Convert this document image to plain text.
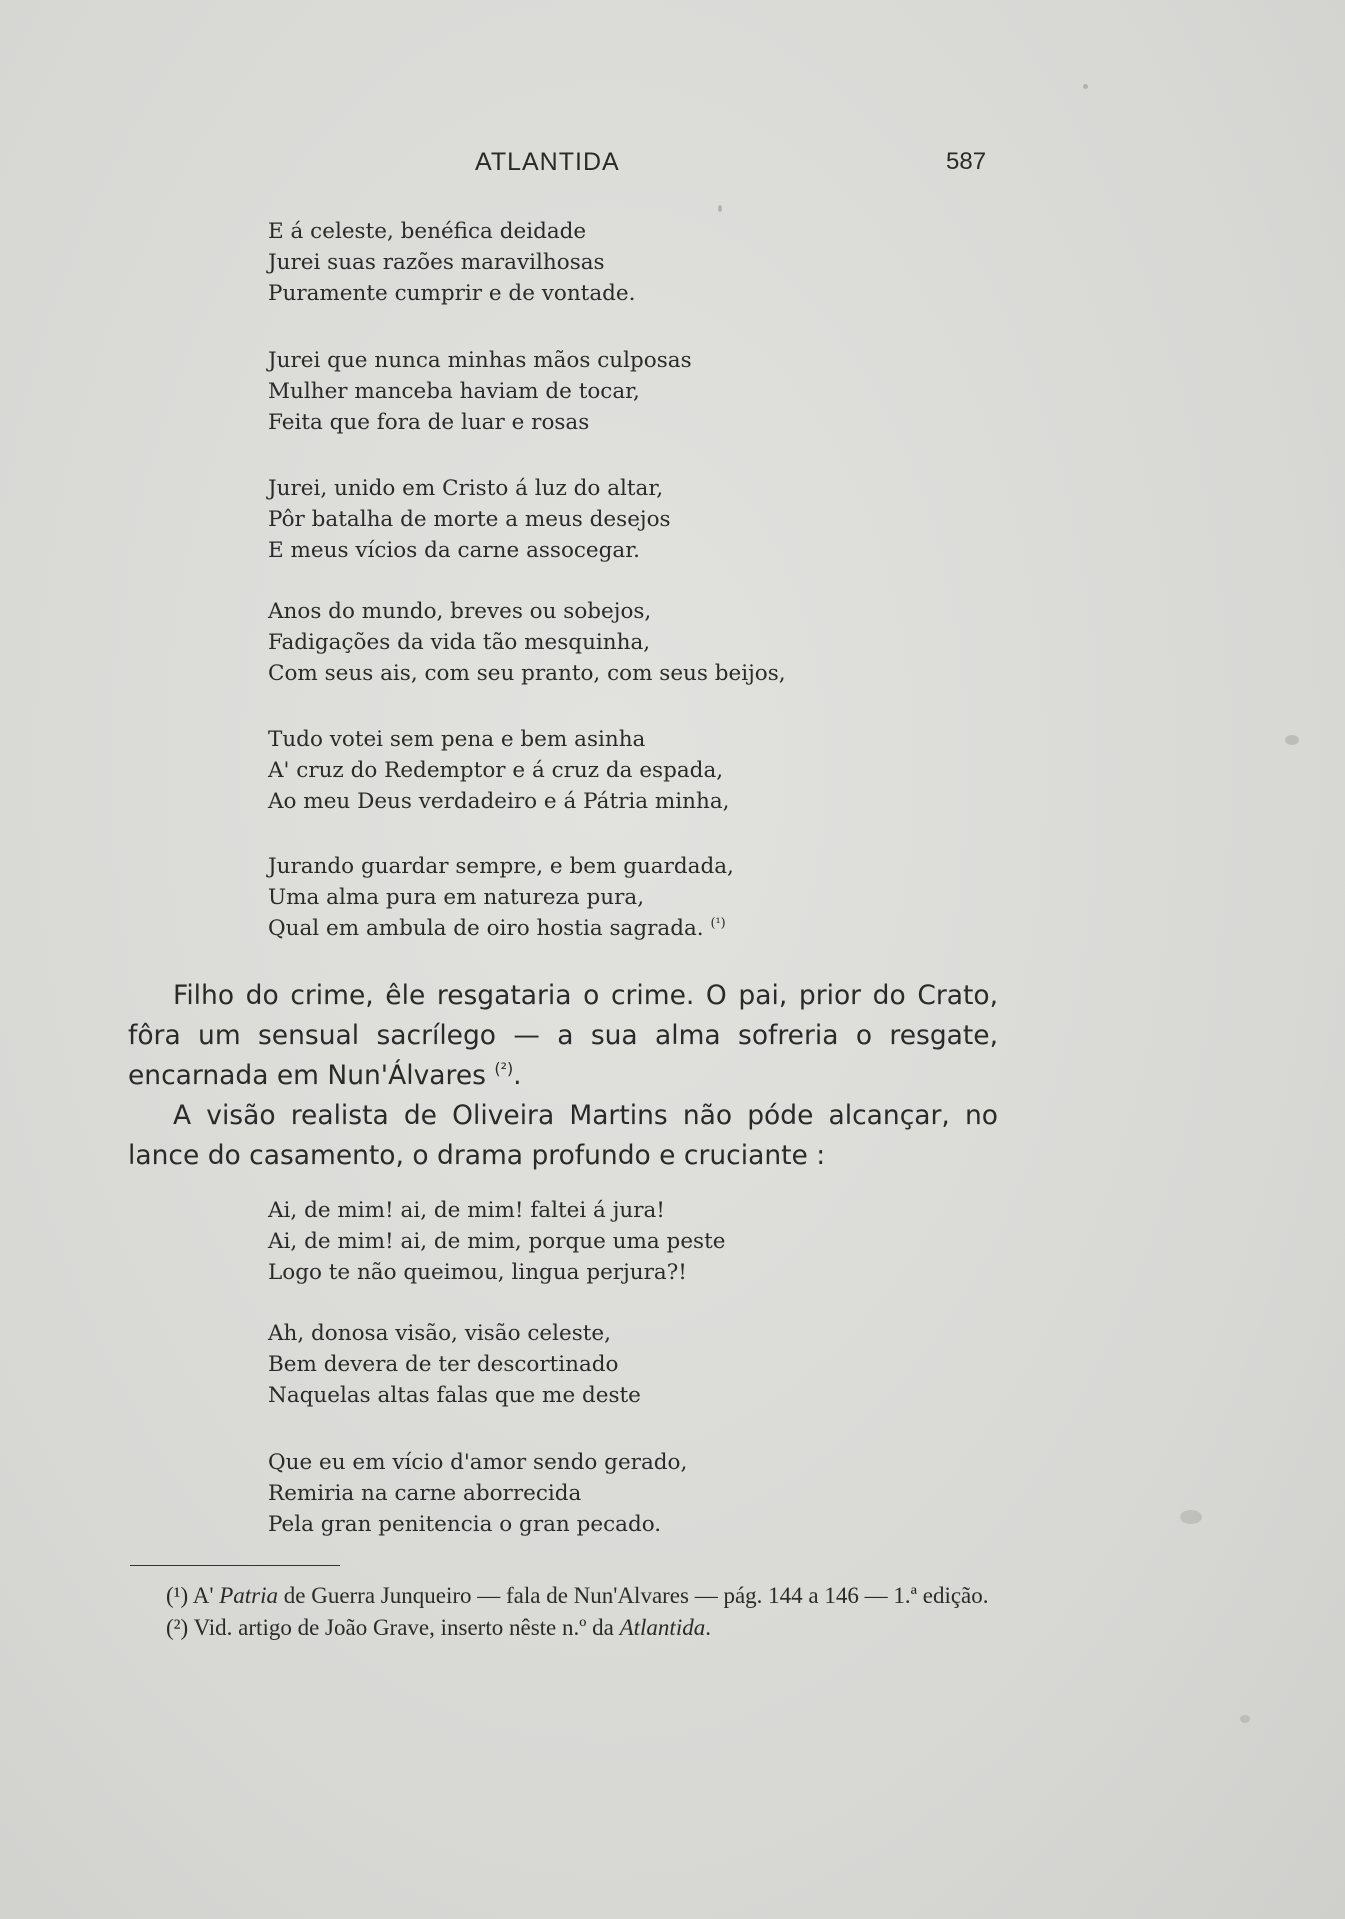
ATLANTIDA	587
E á celeste, benéfica deidade
Jurei suas razões maravilhosas
Puramente cumprir e de vontade.
Jurei que nunca minhas mãos culposas
Mulher manceba haviam de tocar,
Feita que fora de luar e rosas
Jurei, unido em Cristo á luz do altar,
Pôr batalha de morte a meus desejos
E meus vícios da carne assocegar.
Anos do mundo, breves ou sobejos,
Fadigações da vida tão mesquinha,
Com seus ais, com seu pranto, com seus beijos,
Tudo votei sem pena e bem asinha
A' cruz do Redemptor e á cruz da espada,
Ao meu Deus verdadeiro e á Pátria minha,
Jurando guardar sempre, e bem guardada,
Uma alma pura em natureza pura,
Qual em ambula de oiro hostia sagrada. $^{(^1)}$

Filho do crime, êle resgataria o crime. O pai, prior do Crato, fôra um sensual sacrílego — a sua alma sofreria o resgate, encarnada em Nun'Álvares $^{(^2)}$.

A visão realista de Oliveira Martins não póde alcançar, no lance do casamento, o drama profundo e cruciante :

Ai, de mim! ai, de mim! faltei á jura!
Ai, de mim! ai, de mim, porque uma peste
Logo te não queimou, lingua perjura?!
Ah, donosa visão, visão celeste,
Bem devera de ter descortinado
Naquelas altas falas que me deste
Que eu em vício d'amor sendo gerado,
Remiria na carne aborrecida
Pela gran penitencia o gran pecado.

(¹) A' Patria de Guerra Junqueiro — fala de Nun'Alvares — pág. 144 a 146 — 1.ª edição.

(²) Vid. artigo de João Grave, inserto nêste n.º da Atlantida.
